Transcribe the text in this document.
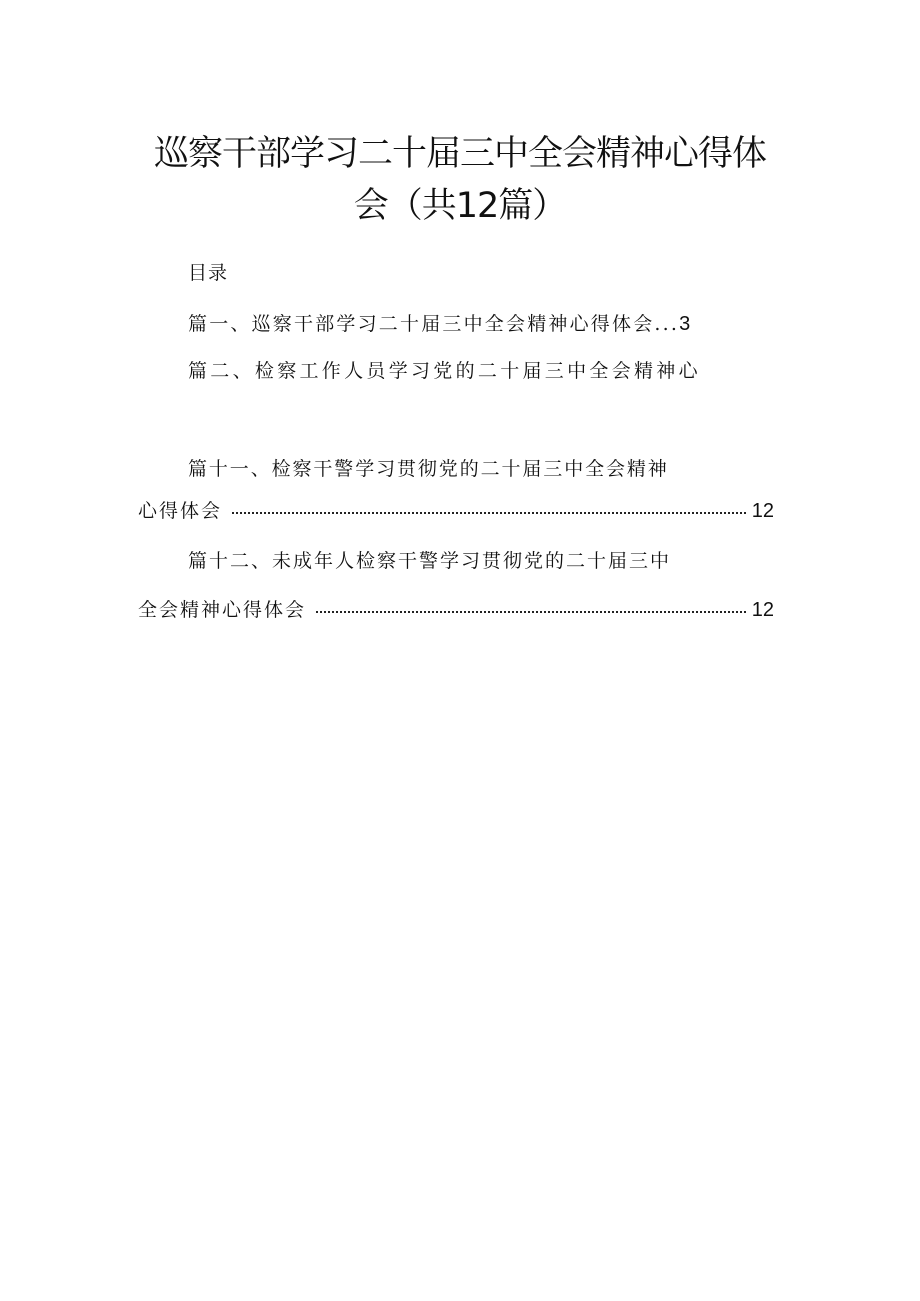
巡察干部学习二十届三中全会精神心得体
会（共12篇）
目录
篇一、巡察干部学习二十届三中全会精神心得体会...3
篇二、检察工作人员学习党的二十届三中全会精神心
篇十一、检察干警学习贯彻党的二十届三中全会精神
心得体会	12
篇十二、未成年人检察干警学习贯彻党的二十届三中
全会精神心得体会	12
